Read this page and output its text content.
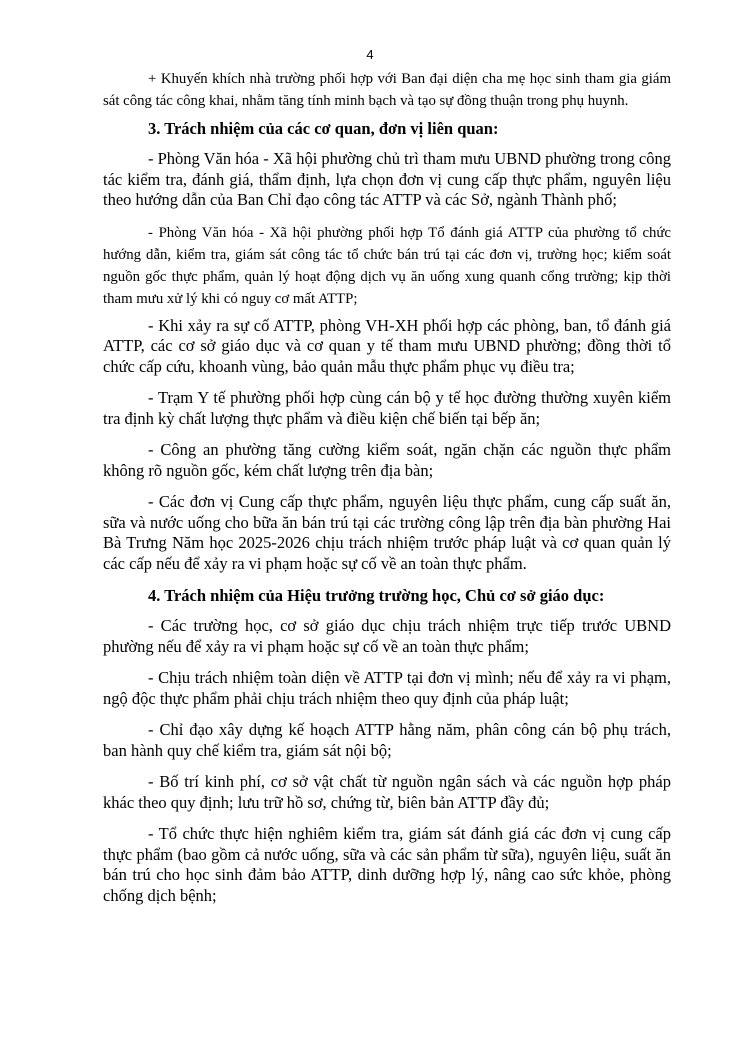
4

+ Khuyến khích nhà trường phối hợp với Ban đại diện cha mẹ học sinh tham gia giám sát công tác công khai, nhằm tăng tính minh bạch và tạo sự đồng thuận trong phụ huynh.

3. Trách nhiệm của các cơ quan, đơn vị liên quan:

- Phòng Văn hóa - Xã hội phường chủ trì tham mưu UBND phường trong công tác kiểm tra, đánh giá, thẩm định, lựa chọn đơn vị cung cấp thực phẩm, nguyên liệu theo hướng dẫn của Ban Chỉ đạo công tác ATTP và các Sở, ngành Thành phố;

- Phòng Văn hóa - Xã hội phường phối hợp Tổ đánh giá ATTP của phường tổ chức hướng dẫn, kiểm tra, giám sát công tác tổ chức bán trú tại các đơn vị, trường học; kiểm soát nguồn gốc thực phẩm, quản lý hoạt động dịch vụ ăn uống xung quanh cổng trường; kịp thời tham mưu xử lý khi có nguy cơ mất ATTP;

- Khi xảy ra sự cố ATTP, phòng VH-XH phối hợp các phòng, ban, tổ đánh giá ATTP, các cơ sở giáo dục và cơ quan y tế tham mưu UBND phường; đồng thời tổ chức cấp cứu, khoanh vùng, bảo quản mẫu thực phẩm phục vụ điều tra;

- Trạm Y tế phường phối hợp cùng cán bộ y tế học đường thường xuyên kiểm tra định kỳ chất lượng thực phẩm và điều kiện chế biến tại bếp ăn;

- Công an phường tăng cường kiểm soát, ngăn chặn các nguồn thực phẩm không rõ nguồn gốc, kém chất lượng trên địa bàn;

- Các đơn vị Cung cấp thực phẩm, nguyên liệu thực phẩm, cung cấp suất ăn, sữa và nước uống cho bữa ăn bán trú tại các trường công lập trên địa bàn phường Hai Bà Trưng Năm học 2025-2026 chịu trách nhiệm trước pháp luật và cơ quan quản lý các cấp nếu để xảy ra vi phạm hoặc sự cố về an toàn thực phẩm.

4. Trách nhiệm của Hiệu trưởng trường học, Chủ cơ sở giáo dục:

- Các trường học, cơ sở giáo dục chịu trách nhiệm trực tiếp trước UBND phường nếu để xảy ra vi phạm hoặc sự cố về an toàn thực phẩm;

- Chịu trách nhiệm toàn diện về ATTP tại đơn vị mình; nếu để xảy ra vi phạm, ngộ độc thực phẩm phải chịu trách nhiệm theo quy định của pháp luật;

- Chỉ đạo xây dựng kế hoạch ATTP hằng năm, phân công cán bộ phụ trách, ban hành quy chế kiểm tra, giám sát nội bộ;

- Bố trí kinh phí, cơ sở vật chất từ nguồn ngân sách và các nguồn hợp pháp khác theo quy định; lưu trữ hồ sơ, chứng từ, biên bản ATTP đầy đủ;

- Tổ chức thực hiện nghiêm kiểm tra, giám sát đánh giá các đơn vị cung cấp thực phẩm (bao gồm cả nước uống, sữa và các sản phẩm từ sữa), nguyên liệu, suất ăn bán trú cho học sinh đảm bảo ATTP, dinh dưỡng hợp lý, nâng cao sức khỏe, phòng chống dịch bệnh;
